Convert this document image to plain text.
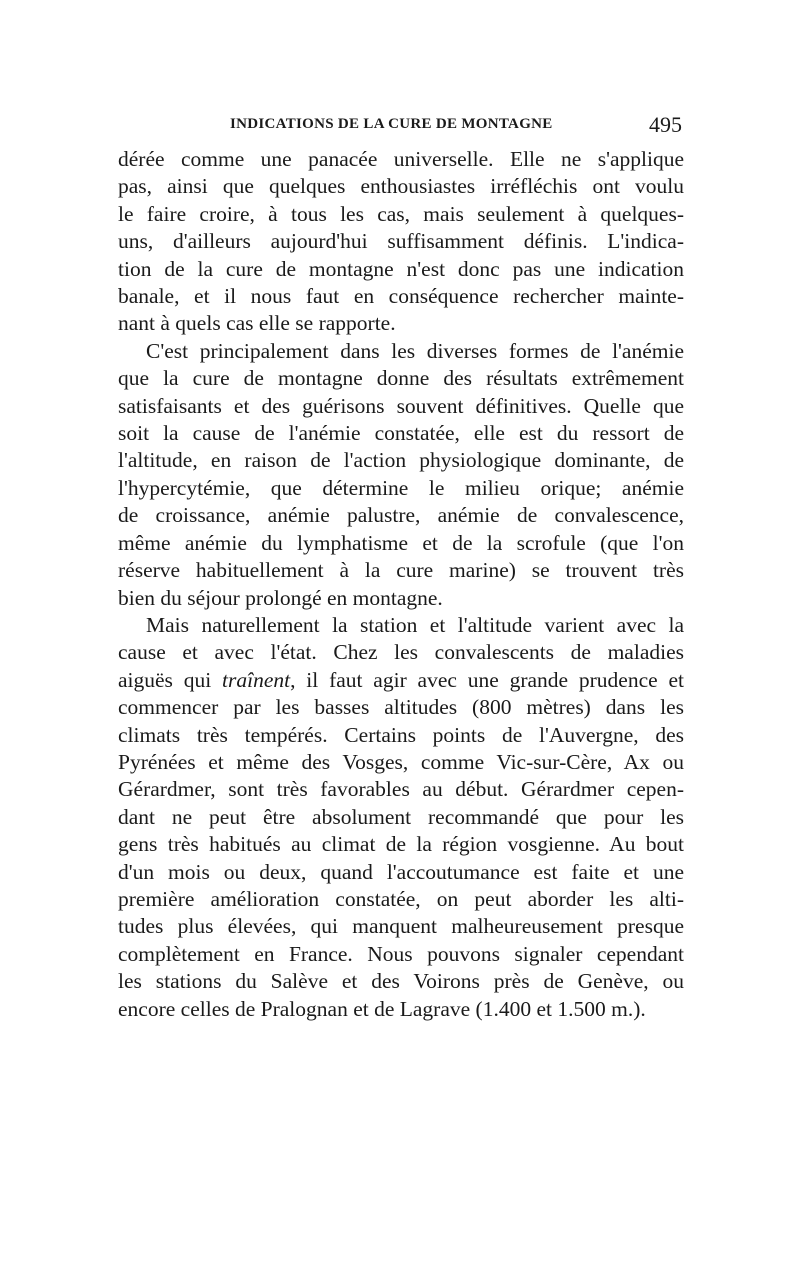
INDICATIONS DE LA CURE DE MONTAGNE	495
dérée comme une panacée universelle. Elle ne s'applique
pas, ainsi que quelques enthousiastes irréfléchis ont voulu
le faire croire, à tous les cas, mais seulement à quelques-
uns, d'ailleurs aujourd'hui suffisamment définis. L'indica-
tion de la cure de montagne n'est donc pas une indication
banale, et il nous faut en conséquence rechercher mainte-
nant à quels cas elle se rapporte.
C'est principalement dans les diverses formes de l'anémie
que la cure de montagne donne des résultats extrêmement
satisfaisants et des guérisons souvent définitives. Quelle que
soit la cause de l'anémie constatée, elle est du ressort de
l'altitude, en raison de l'action physiologique dominante, de
l'hypercytémie, que détermine le milieu orique; anémie
de croissance, anémie palustre, anémie de convalescence,
même anémie du lymphatisme et de la scrofule (que l'on
réserve habituellement à la cure marine) se trouvent très
bien du séjour prolongé en montagne.
Mais naturellement la station et l'altitude varient avec la
cause et avec l'état. Chez les convalescents de maladies
aiguës qui traînent, il faut agir avec une grande prudence et
commencer par les basses altitudes (800 mètres) dans les
climats très tempérés. Certains points de l'Auvergne, des
Pyrénées et même des Vosges, comme Vic-sur-Cère, Ax ou
Gérardmer, sont très favorables au début. Gérardmer cepen-
dant ne peut être absolument recommandé que pour les
gens très habitués au climat de la région vosgienne. Au bout
d'un mois ou deux, quand l'accoutumance est faite et une
première amélioration constatée, on peut aborder les alti-
tudes plus élevées, qui manquent malheureusement presque
complètement en France. Nous pouvons signaler cependant
les stations du Salève et des Voirons près de Genève, ou
encore celles de Pralognan et de Lagrave (1.400 et 1.500 m.).
